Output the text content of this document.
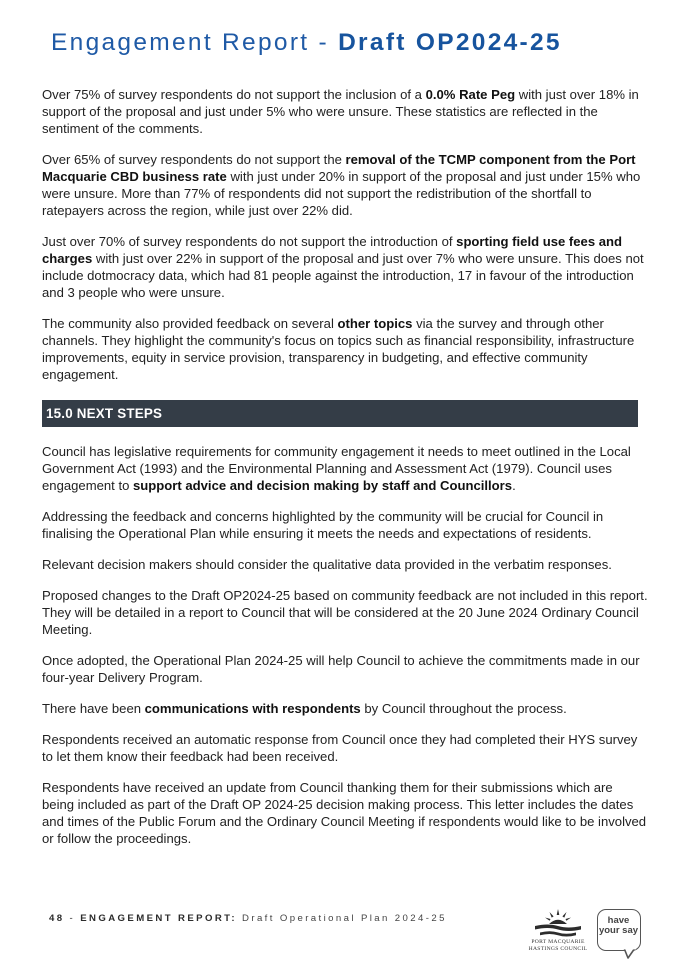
Engagement Report - Draft OP2024-25

Over 75% of survey respondents do not support the inclusion of a 0.0% Rate Peg with just over 18% in support of the proposal and just under 5% who were unsure. These statistics are reflected in the sentiment of the comments.

Over 65% of survey respondents do not support the removal of the TCMP component from the Port Macquarie CBD business rate with just under 20% in support of the proposal and just under 15% who were unsure. More than 77% of respondents did not support the redistribution of the shortfall to ratepayers across the region, while just over 22% did.

Just over 70% of survey respondents do not support the introduction of sporting field use fees and charges with just over 22% in support of the proposal and just over 7% who were unsure. This does not include dotmocracy data, which had 81 people against the introduction, 17 in favour of the introduction and 3 people who were unsure.

The community also provided feedback on several other topics via the survey and through other channels. They highlight the community's focus on topics such as financial responsibility, infrastructure improvements, equity in service provision, transparency in budgeting, and effective community engagement.

15.0 NEXT STEPS

Council has legislative requirements for community engagement it needs to meet outlined in the Local Government Act (1993) and the Environmental Planning and Assessment Act (1979). Council uses engagement to support advice and decision making by staff and Councillors.

Addressing the feedback and concerns highlighted by the community will be crucial for Council in finalising the Operational Plan while ensuring it meets the needs and expectations of residents.

Relevant decision makers should consider the qualitative data provided in the verbatim responses.

Proposed changes to the Draft OP2024-25 based on community feedback are not included in this report. They will be detailed in a report to Council that will be considered at the 20 June 2024 Ordinary Council Meeting.

Once adopted, the Operational Plan 2024-25 will help Council to achieve the commitments made in our four-year Delivery Program.

There have been communications with respondents by Council throughout the process.

Respondents received an automatic response from Council once they had completed their HYS survey to let them know their feedback had been received.

Respondents have received an update from Council thanking them for their submissions which are being included as part of the Draft OP 2024-25 decision making process. This letter includes the dates and times of the Public Forum and the Ordinary Council Meeting if respondents would like to be involved or follow the proceedings.

48 - ENGAGEMENT REPORT: Draft Operational Plan 2024-25
PORT MACQUARIE
HASTINGS COUNCIL
have
your say
